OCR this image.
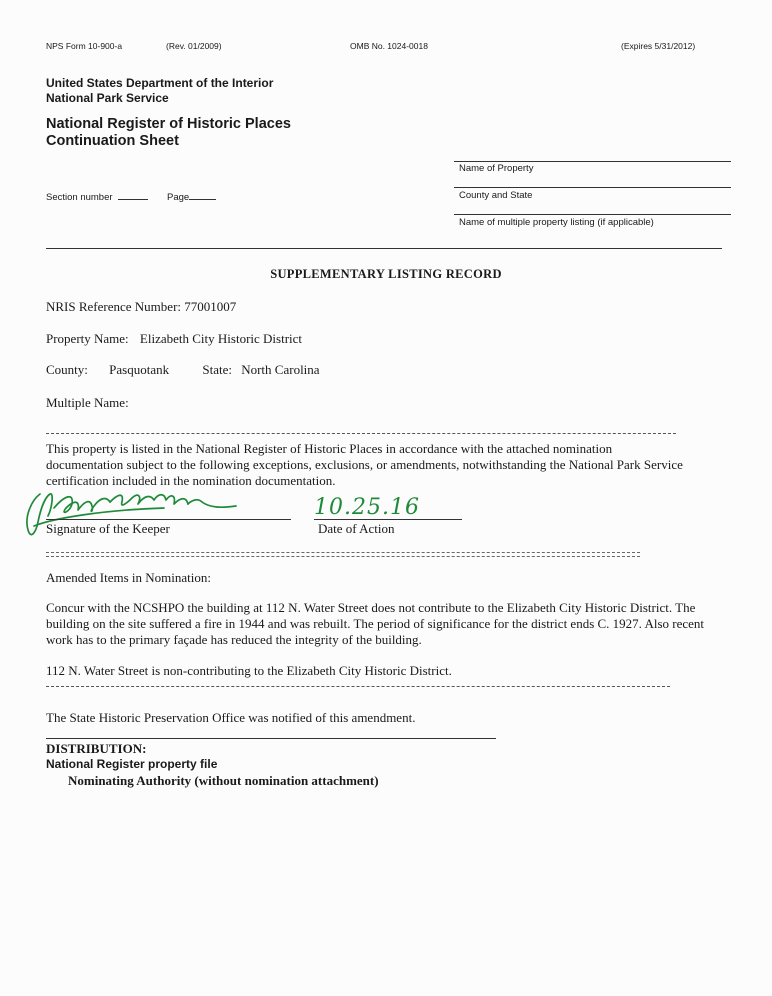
NPS Form 10-900-a	(Rev. 01/2009)	OMB No. 1024-0018	(Expires 5/31/2012)
United States Department of the Interior
National Park Service
National Register of Historic Places
Continuation Sheet
Name of Property
County and State
Name of multiple property listing (if applicable)
Section number	Page
SUPPLEMENTARY LISTING RECORD
NRIS Reference Number: 77001007
Property Name: Elizabeth City Historic District
County: Pasquotank	State: North Carolina
Multiple Name:
This property is listed in the National Register of Historic Places in accordance with the attached nomination documentation subject to the following exceptions, exclusions, or amendments, notwithstanding the National Park Service certification included in the nomination documentation.
10.25.16
Signature of the Keeper	Date of Action
Amended Items in Nomination:
Concur with the NCSHPO the building at 112 N. Water Street does not contribute to the Elizabeth City Historic District. The building on the site suffered a fire in 1944 and was rebuilt. The period of significance for the district ends C. 1927. Also recent work has to the primary façade has reduced the integrity of the building.
112 N. Water Street is non-contributing to the Elizabeth City Historic District.
The State Historic Preservation Office was notified of this amendment.
DISTRIBUTION:
National Register property file
Nominating Authority (without nomination attachment)
